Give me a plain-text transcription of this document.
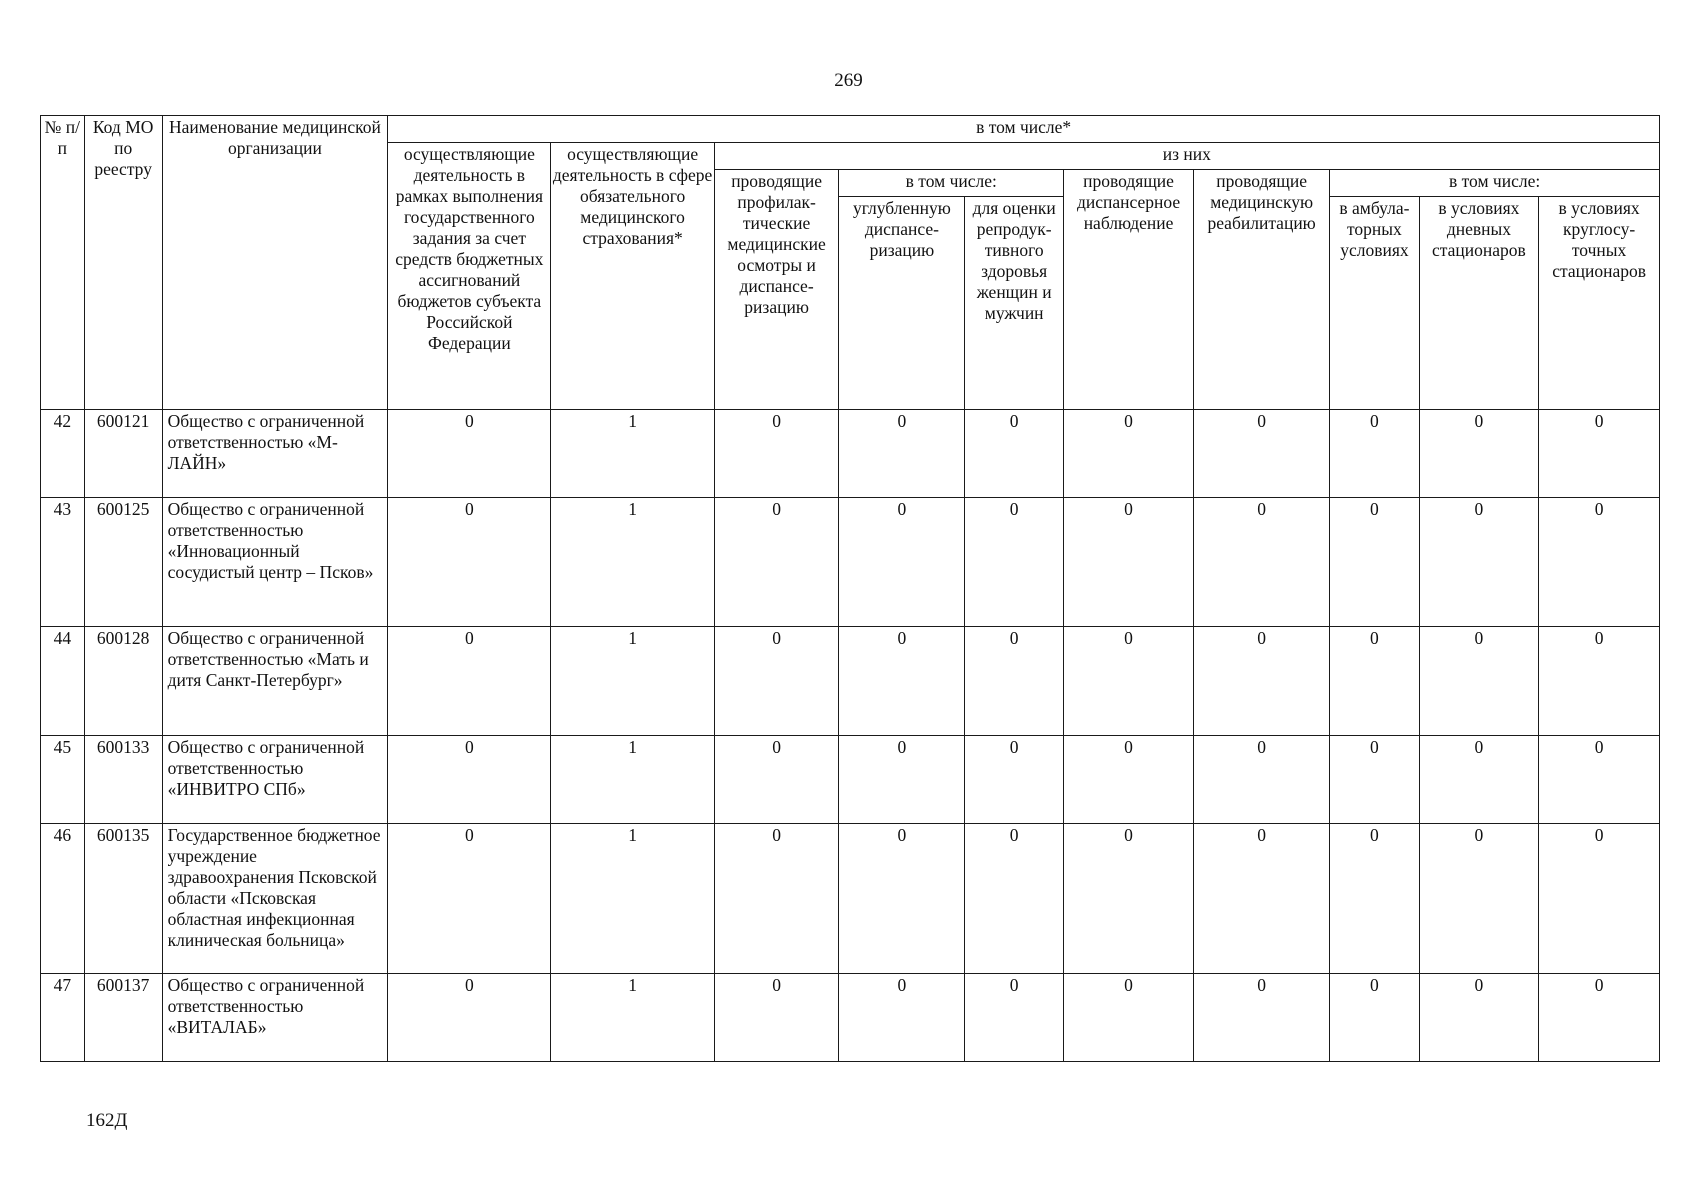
269
№ п/п	Код МО по реестру	Наименование медицинской организации	в том числе*									
			осуществляющие деятельность в рамках выполнения государственного задания за счет средств бюджетных ассигнований бюджетов субъекта Российской Федерации	осуществляющие деятельность в сфере обязательного медицинского страхования*	из них							
					проводящие профилак-тические медицинские осмотры и диспансе-ризацию	в том числе:		проводящие диспансерное наблюдение	проводящие медицинскую реабилитацию	в том числе:		
						углубленную диспансе-ризацию	для оценки репродук-тивного здоровья женщин и мужчин			в амбула-торных условиях	в условиях дневных стационаров	в условиях круглосу-точных стационаров
42	600121	Общество с ограниченной ответственностью «М-ЛАЙН»	0	1	0	0	0	0	0	0	0	0
43	600125	Общество с ограниченной ответственностью «Инновационный сосудистый центр – Псков»	0	1	0	0	0	0	0	0	0	0
44	600128	Общество с ограниченной ответственностью «Мать и дитя Санкт-Петербург»	0	1	0	0	0	0	0	0	0	0
45	600133	Общество с ограниченной ответственностью «ИНВИТРО СПб»	0	1	0	0	0	0	0	0	0	0
46	600135	Государственное бюджетное учреждение здравоохранения Псковской области «Псковская областная инфекционная клиническая больница»	0	1	0	0	0	0	0	0	0	0
47	600137	Общество с ограниченной ответственностью «ВИТАЛАБ»	0	1	0	0	0	0	0	0	0	0
162Д
